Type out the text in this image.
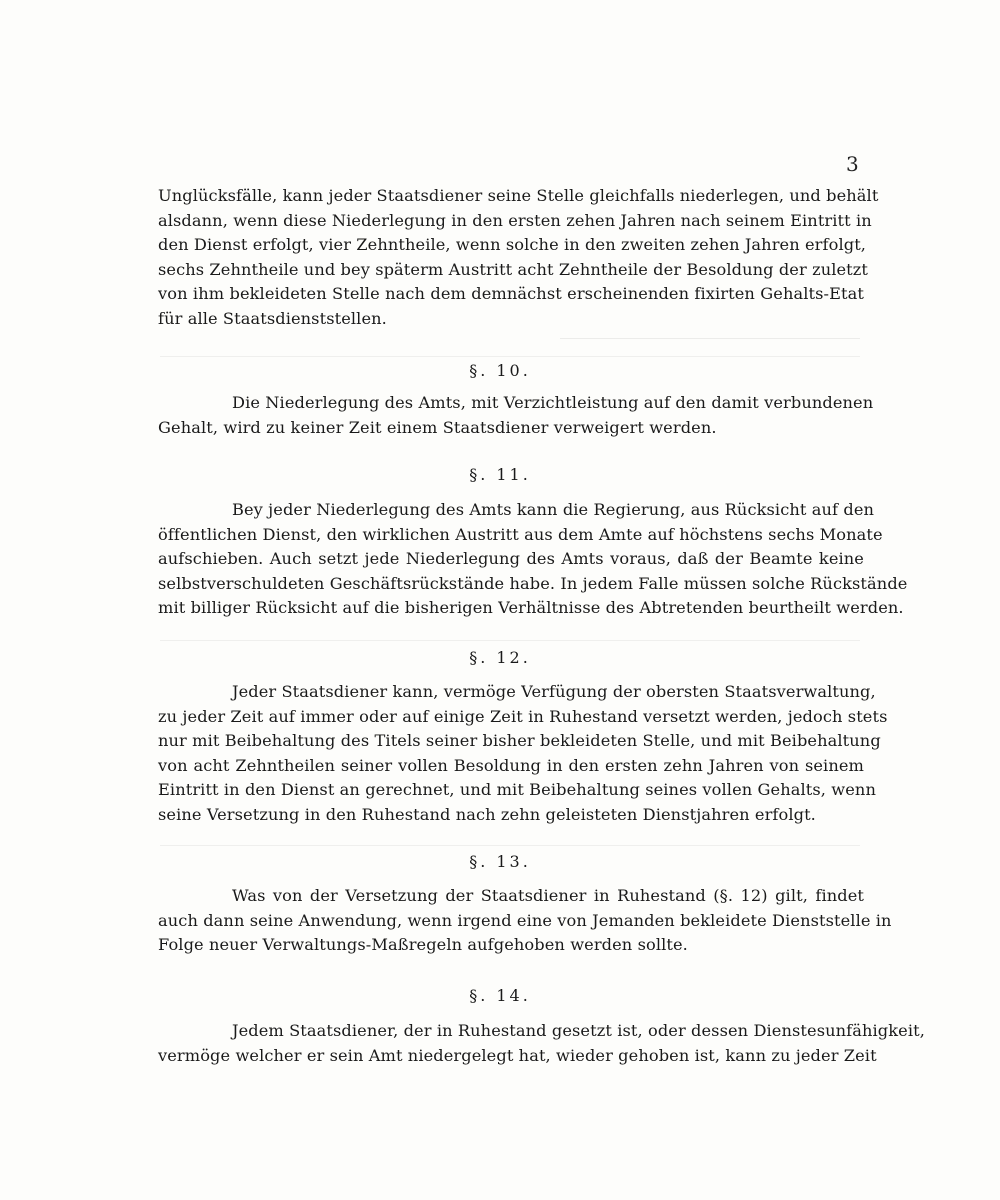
3
Unglücksfälle, kann jeder Staatsdiener seine Stelle gleichfalls niederlegen, und behält
alsdann, wenn diese Niederlegung in den ersten zehen Jahren nach seinem Eintritt in
den Dienst erfolgt, vier Zehntheile, wenn solche in den zweiten zehen Jahren erfolgt,
sechs Zehntheile und bey späterm Austritt acht Zehntheile der Besoldung der zuletzt
von ihm bekleideten Stelle nach dem demnächst erscheinenden fixirten Gehalts-Etat
für alle Staatsdienststellen.
§. 10.
Die Niederlegung des Amts, mit Verzichtleistung auf den damit verbundenen
Gehalt, wird zu keiner Zeit einem Staatsdiener verweigert werden.
§. 11.
Bey jeder Niederlegung des Amts kann die Regierung, aus Rücksicht auf den
öffentlichen Dienst, den wirklichen Austritt aus dem Amte auf höchstens sechs Monate
aufschieben. Auch setzt jede Niederlegung des Amts voraus, daß der Beamte keine
selbstverschuldeten Geschäftsrückstände habe. In jedem Falle müssen solche Rückstände
mit billiger Rücksicht auf die bisherigen Verhältnisse des Abtretenden beurtheilt werden.
§. 12.
Jeder Staatsdiener kann, vermöge Verfügung der obersten Staatsverwaltung,
zu jeder Zeit auf immer oder auf einige Zeit in Ruhestand versetzt werden, jedoch stets
nur mit Beibehaltung des Titels seiner bisher bekleideten Stelle, und mit Beibehaltung
von acht Zehntheilen seiner vollen Besoldung in den ersten zehn Jahren von seinem
Eintritt in den Dienst an gerechnet, und mit Beibehaltung seines vollen Gehalts, wenn
seine Versetzung in den Ruhestand nach zehn geleisteten Dienstjahren erfolgt.
§. 13.
Was von der Versetzung der Staatsdiener in Ruhestand (§. 12) gilt, findet
auch dann seine Anwendung, wenn irgend eine von Jemanden bekleidete Dienststelle in
Folge neuer Verwaltungs-Maßregeln aufgehoben werden sollte.
§. 14.
Jedem Staatsdiener, der in Ruhestand gesetzt ist, oder dessen Dienstesunfähigkeit,
vermöge welcher er sein Amt niedergelegt hat, wieder gehoben ist, kann zu jeder Zeit
